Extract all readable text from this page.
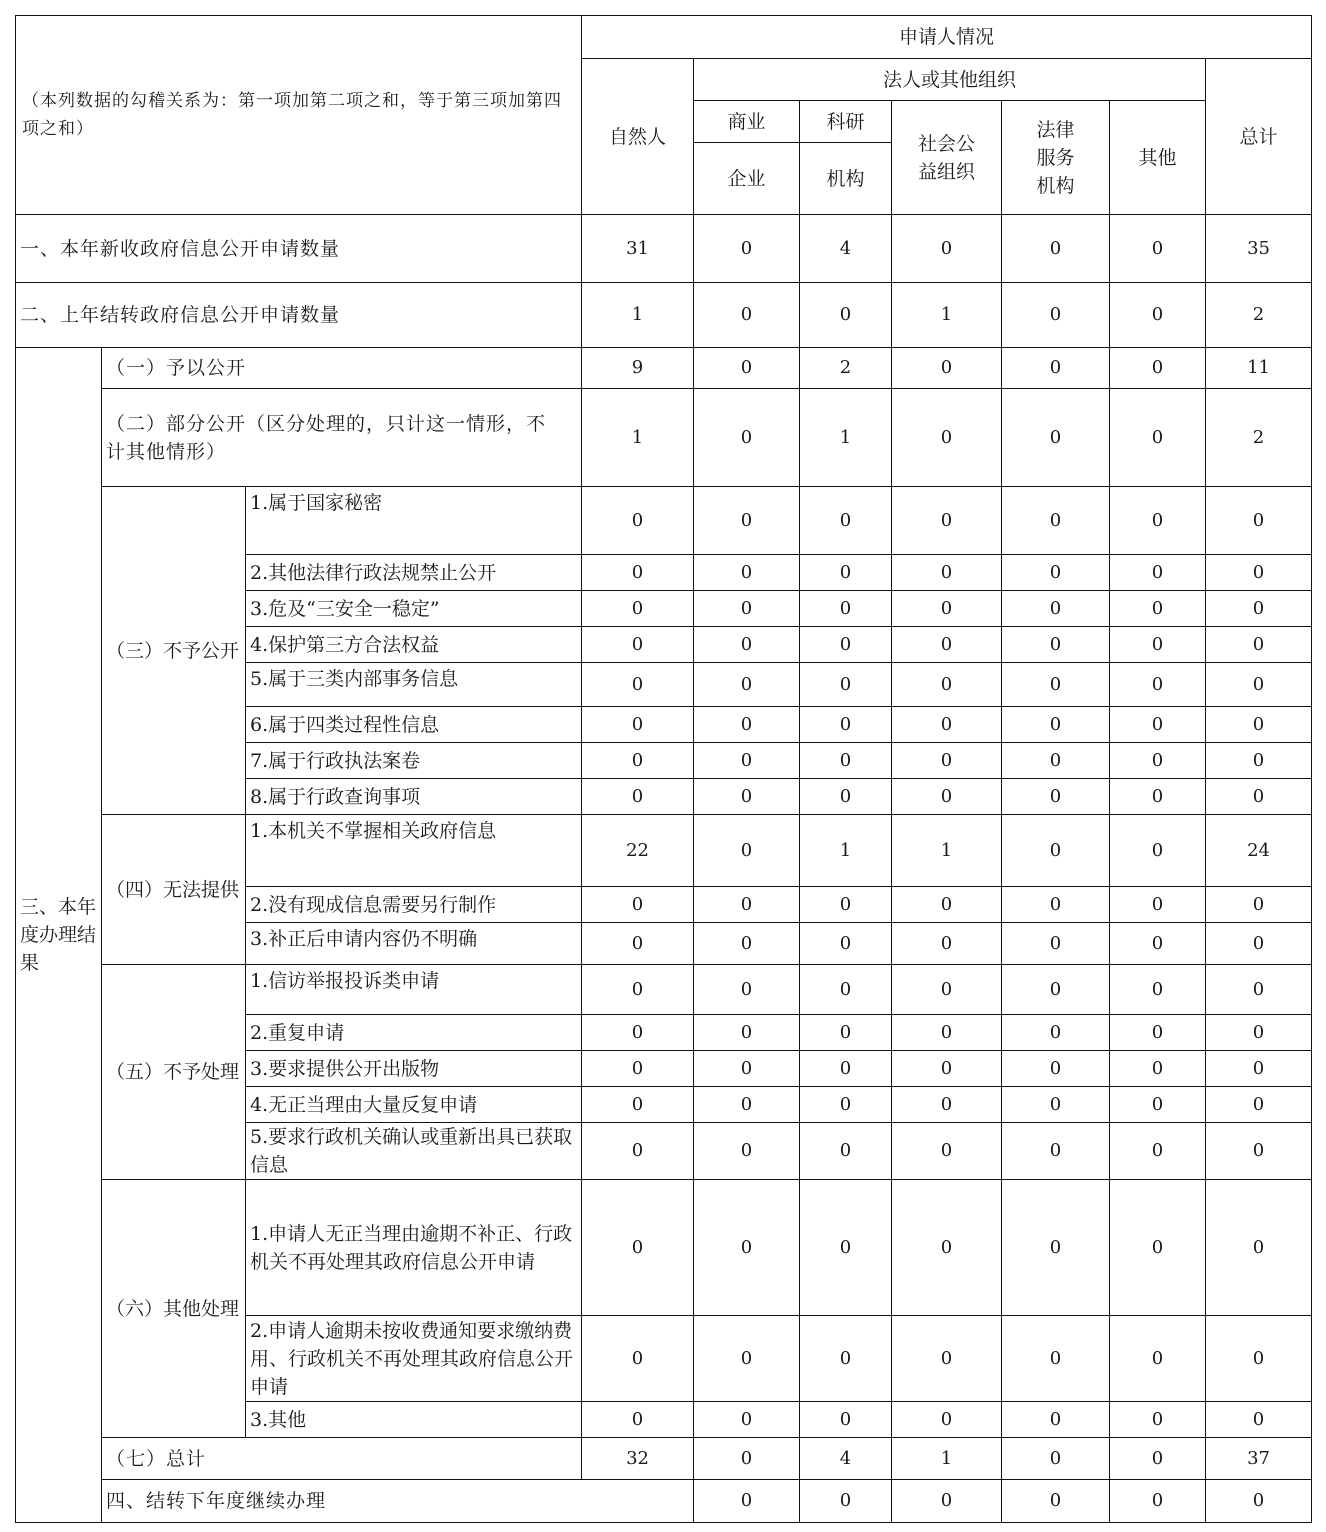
（本列数据的勾稽关系为：第一项加第二项之和，等于第三项加第四项之和）			申请人情况							
			自然人	法人或其他组织					总计	
				商业	科研	社会公益组织	法律服务机构	其他		
				企业	机构					
一、本年新收政府信息公开申请数量			31	0	4	0	0	0	35	
二、上年结转政府信息公开申请数量			1	0	0	1	0	0	2	
三、本年度办理结果	（一）予以公开		9	0	2	0	0	0	11	
	（二）部分公开（区分处理的，只计这一情形，不计其他情形）		1	0	1	0	0	0	2	
	（三）不予公开	1.属于国家秘密	0	0	0	0	0	0	0	
		2.其他法律行政法规禁止公开	0	0	0	0	0	0	0	
		3.危及“三安全一稳定”	0	0	0	0	0	0	0	
		4.保护第三方合法权益	0	0	0	0	0	0	0	
		5.属于三类内部事务信息	0	0	0	0	0	0	0	
		6.属于四类过程性信息	0	0	0	0	0	0	0	
		7.属于行政执法案卷	0	0	0	0	0	0	0	
		8.属于行政查询事项	0	0	0	0	0	0	0	
	（四）无法提供	1.本机关不掌握相关政府信息	22	0	1	1	0	0	24	
		2.没有现成信息需要另行制作	0	0	0	0	0	0	0	
		3.补正后申请内容仍不明确	0	0	0	0	0	0	0	
	（五）不予处理	1.信访举报投诉类申请	0	0	0	0	0	0	0	
		2.重复申请	0	0	0	0	0	0	0	
		3.要求提供公开出版物	0	0	0	0	0	0	0	
		4.无正当理由大量反复申请	0	0	0	0	0	0	0	
		5.要求行政机关确认或重新出具已获取信息	0	0	0	0	0	0	0	
	（六）其他处理	1.申请人无正当理由逾期不补正、行政机关不再处理其政府信息公开申请	0	0	0	0	0	0	0	
		2.申请人逾期未按收费通知要求缴纳费用、行政机关不再处理其政府信息公开申请	0	0	0	0	0	0	0	
		3.其他	0	0	0	0	0	0	0	
	（七）总计		32	0	4	1	0	0	37	
	四、结转下年度继续办理			0	0	0	0	0	0	
